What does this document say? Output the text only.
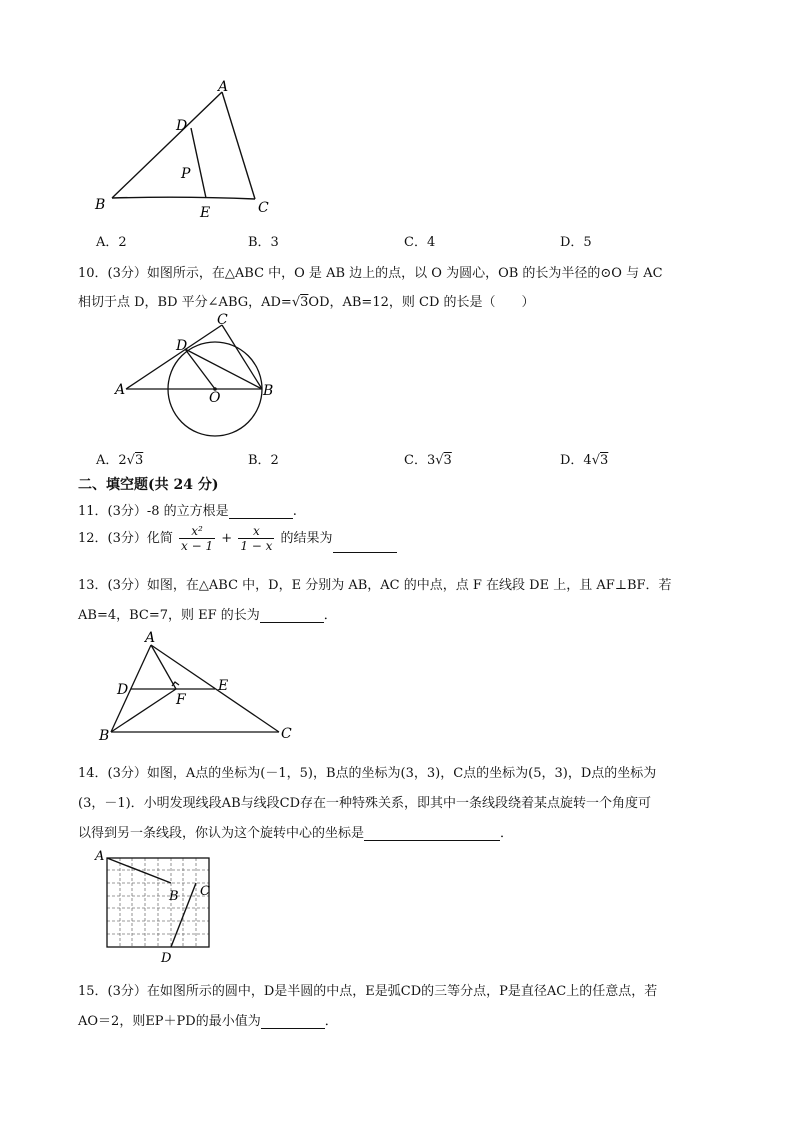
A
D
P
B	E	C
A．2	B．3	C．4	D．5
10．(3分）如图所示，在△ABC 中，O 是 AB 边上的点，以 O 为圆心，OB 的长为半径的⊙O 与 AC
相切于点 D，BD 平分∠ABG，AD=√3OD，AB=12，则 CD 的长是（　　）
C
D
A	O	B
A．2√3	B．2	C．3√3	D．4√3
二、填空题(共 24 分)
11．(3分）-8 的立方根是	.
12．(3分）化简 $\frac{\text{x²}}{x - 1} + \frac{x}{1 - x}$ 的结果为
13．(3分）如图，在△ABC 中，D，E 分别为 AB，AC 的中点，点 F 在线段 DE 上，且 AF⊥BF．若
AB=4，BC=7，则 EF 的长为	．
A
D	E
F
B	C
14．(3分）如图，A点的坐标为(－1，5)，B点的坐标为(3，3)，C点的坐标为(5，3)，D点的坐标为
(3，－1)．小明发现线段AB与线段CD存在一种特殊关系，即其中一条线段绕着某点旋转一个角度可
以得到另一条线段，你认为这个旋转中心的坐标是	．
A
B C
D
15．(3分）在如图所示的圆中，D是半圆的中点，E是弧CD的三等分点，P是直径AC上的任意点，若
AO＝2，则EP＋PD的最小值为	．
